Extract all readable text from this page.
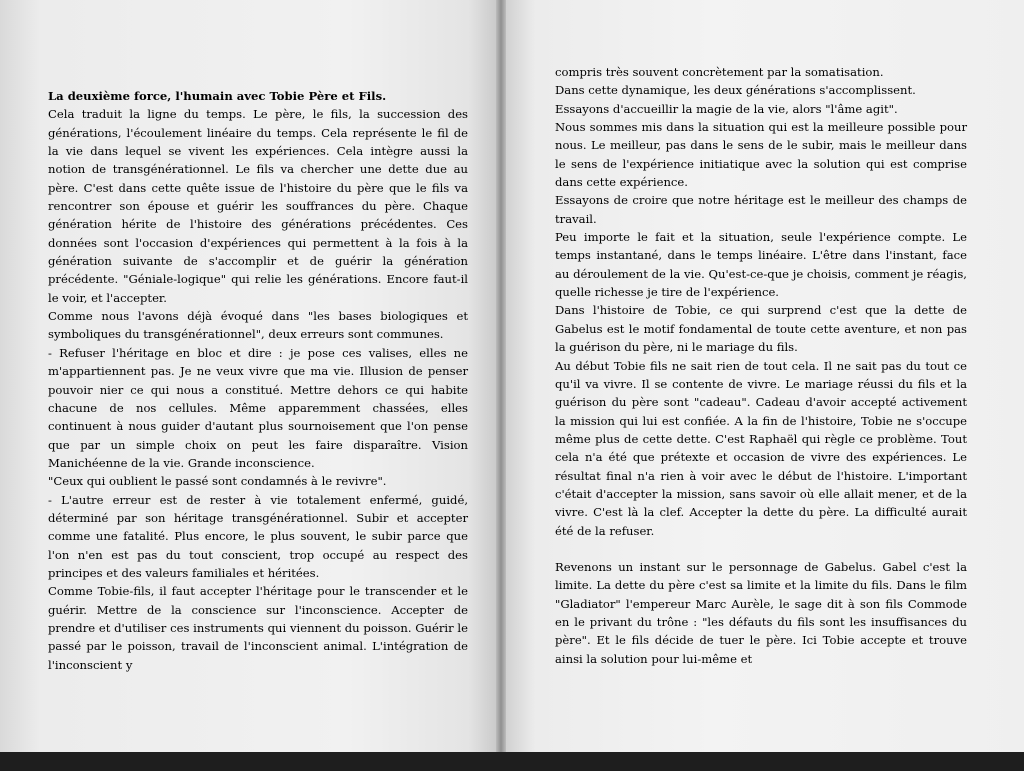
La deuxième force, l'humain avec Tobie Père et Fils.

Cela traduit la ligne du temps. Le père, le fils, la succession des générations, l'écoulement linéaire du temps. Cela représente le fil de la vie dans lequel se vivent les expériences. Cela intègre aussi la notion de transgénérationnel. Le fils va chercher une dette due au père. C'est dans cette quête issue de l'histoire du père que le fils va rencontrer son épouse et guérir les souffrances du père. Chaque génération hérite de l'histoire des générations précédentes. Ces données sont l'occasion d'expériences qui permettent à la fois à la génération suivante de s'accomplir et de guérir la génération précédente. "Géniale-logique" qui relie les générations. Encore faut-il le voir, et l'accepter.

Comme nous l'avons déjà évoqué dans "les bases biologiques et symboliques du transgénérationnel", deux erreurs sont communes.

- Refuser l'héritage en bloc et dire : je pose ces valises, elles ne m'appartiennent pas. Je ne veux vivre que ma vie. Illusion de penser pouvoir nier ce qui nous a constitué. Mettre dehors ce qui habite chacune de nos cellules. Même apparemment chassées, elles continuent à nous guider d'autant plus sournoisement que l'on pense que par un simple choix on peut les faire disparaître. Vision Manichéenne de la vie. Grande inconscience.

"Ceux qui oublient le passé sont condamnés à le revivre".

- L'autre erreur est de rester à vie totalement enfermé, guidé, déterminé par son héritage transgénérationnel. Subir et accepter comme une fatalité. Plus encore, le plus souvent, le subir parce que l'on n'en est pas du tout conscient, trop occupé au respect des principes et des valeurs familiales et héritées.

Comme Tobie-fils, il faut accepter l'héritage pour le transcender et le guérir. Mettre de la conscience sur l'inconscience. Accepter de prendre et d'utiliser ces instruments qui viennent du poisson. Guérir le passé par le poisson, travail de l'inconscient animal. L'intégration de l'inconscient y

compris très souvent concrètement par la somatisation.

Dans cette dynamique, les deux générations s'accomplissent.

Essayons d'accueillir la magie de la vie, alors "l'âme agit".

Nous sommes mis dans la situation qui est la meilleure possible pour nous. Le meilleur, pas dans le sens de le subir, mais le meilleur dans le sens de l'expérience initiatique avec la solution qui est comprise dans cette expérience.

Essayons de croire que notre héritage est le meilleur des champs de travail.

Peu importe le fait et la situation, seule l'expérience compte. Le temps instantané, dans le temps linéaire. L'être dans l'instant, face au déroulement de la vie. Qu'est-ce-que je choisis, comment je réagis, quelle richesse je tire de l'expérience.

Dans l'histoire de Tobie, ce qui surprend c'est que la dette de Gabelus est le motif fondamental de toute cette aventure, et non pas la guérison du père, ni le mariage du fils.

Au début Tobie fils ne sait rien de tout cela. Il ne sait pas du tout ce qu'il va vivre. Il se contente de vivre. Le mariage réussi du fils et la guérison du père sont "cadeau". Cadeau d'avoir accepté activement la mission qui lui est confiée. A la fin de l'histoire, Tobie ne s'occupe même plus de cette dette. C'est Raphaël qui règle ce problème. Tout cela n'a été que prétexte et occasion de vivre des expériences. Le résultat final n'a rien à voir avec le début de l'histoire. L'important c'était d'accepter la mission, sans savoir où elle allait mener, et de la vivre. C'est là la clef. Accepter la dette du père. La difficulté aurait été de la refuser.

Revenons un instant sur le personnage de Gabelus. Gabel c'est la limite. La dette du père c'est sa limite et la limite du fils. Dans le film "Gladiator" l'empereur Marc Aurèle, le sage dit à son fils Commode en le privant du trône : "les défauts du fils sont les insuffisances du père". Et le fils décide de tuer le père. Ici Tobie accepte et trouve ainsi la solution pour lui-même et
